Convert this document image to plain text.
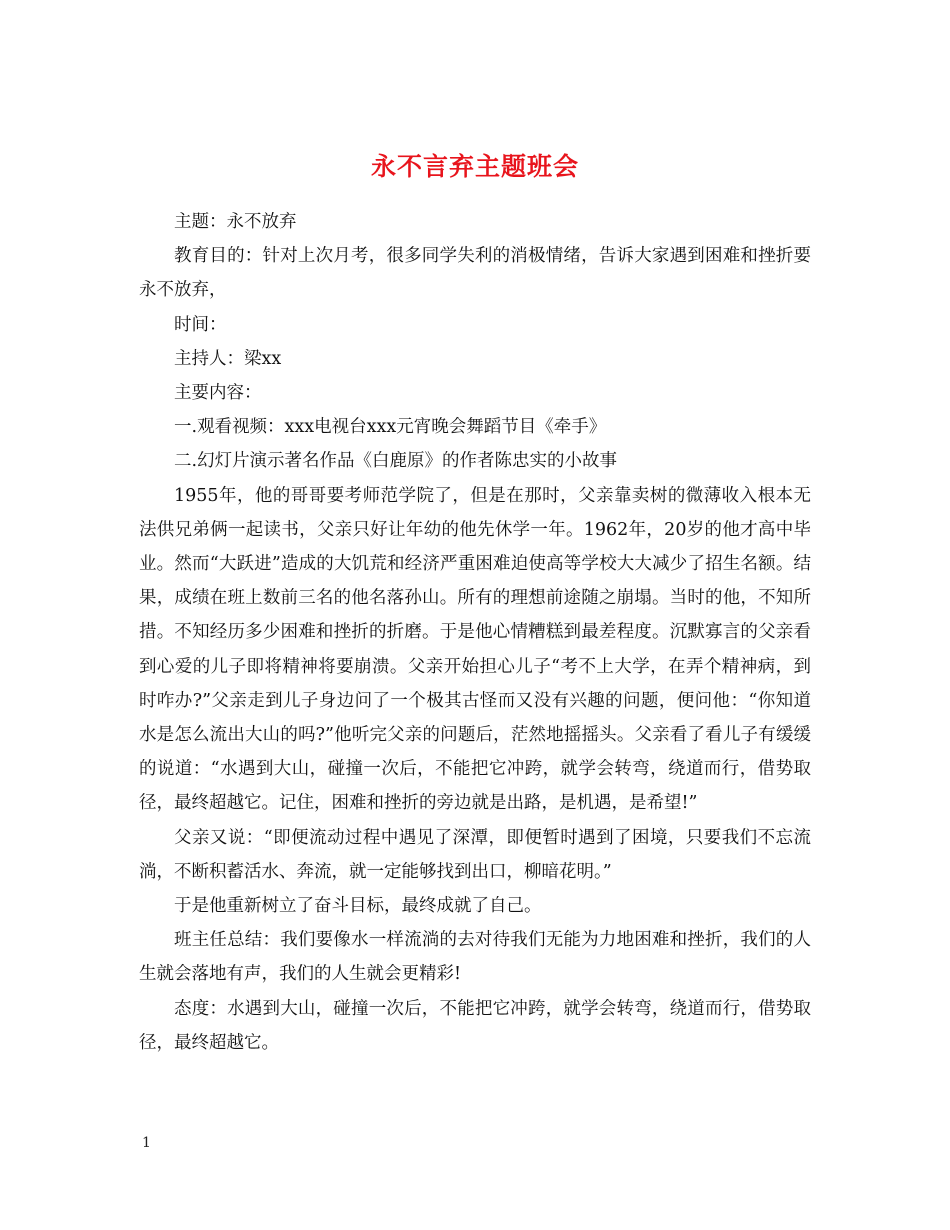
永不言弃主题班会

主题：永不放弃

教育目的：针对上次月考，很多同学失利的消极情绪，告诉大家遇到困难和挫折要永不放弃，

时间：

主持人：梁xx

主要内容：

一.观看视频：xxx电视台xxx元宵晚会舞蹈节目《牵手》

二.幻灯片演示著名作品《白鹿原》的作者陈忠实的小故事

1955年，他的哥哥要考师范学院了，但是在那时，父亲靠卖树的微薄收入根本无法供兄弟俩一起读书，父亲只好让年幼的他先休学一年。1962年，20岁的他才高中毕业。然而“大跃进”造成的大饥荒和经济严重困难迫使高等学校大大减少了招生名额。结果，成绩在班上数前三名的他名落孙山。所有的理想前途随之崩塌。当时的他，不知所措。不知经历多少困难和挫折的折磨。于是他心情糟糕到最差程度。沉默寡言的父亲看到心爱的儿子即将精神将要崩溃。父亲开始担心儿子“考不上大学，在弄个精神病，到时咋办?”父亲走到儿子身边问了一个极其古怪而又没有兴趣的问题，便问他：“你知道水是怎么流出大山的吗?”他听完父亲的问题后，茫然地摇摇头。父亲看了看儿子有缓缓的说道：“水遇到大山，碰撞一次后，不能把它冲跨，就学会转弯，绕道而行，借势取径，最终超越它。记住，困难和挫折的旁边就是出路，是机遇，是希望!”

父亲又说：“即便流动过程中遇见了深潭，即便暂时遇到了困境，只要我们不忘流淌，不断积蓄活水、奔流，就一定能够找到出口，柳暗花明。”

于是他重新树立了奋斗目标，最终成就了自己。

班主任总结：我们要像水一样流淌的去对待我们无能为力地困难和挫折，我们的人生就会落地有声，我们的人生就会更精彩!

态度：水遇到大山，碰撞一次后，不能把它冲跨，就学会转弯，绕道而行，借势取径，最终超越它。

1
